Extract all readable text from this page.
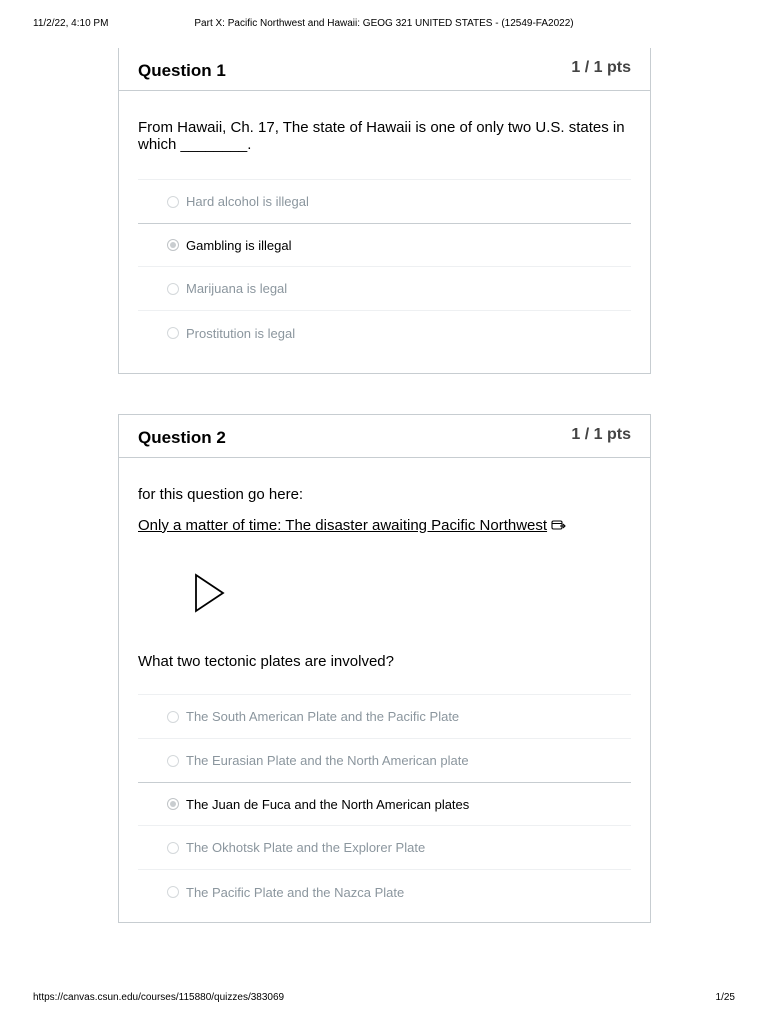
11/2/22, 4:10 PM	Part X: Pacific Northwest and Hawaii: GEOG 321 UNITED STATES - (12549-FA2022)
Question 1	1 / 1 pts
From Hawaii, Ch. 17, The state of Hawaii is one of only two U.S. states in which ________.
Hard alcohol is illegal
Gambling is illegal
Marijuana is legal
Prostitution is legal
Question 2	1 / 1 pts
for this question go here:
Only a matter of time: The disaster awaiting Pacific Northwest
What two tectonic plates are involved?
The South American Plate and the Pacific Plate
The Eurasian Plate and the North American plate
The Juan de Fuca and the North American plates
The Okhotsk Plate and the Explorer Plate
The Pacific Plate and the Nazca Plate
https://canvas.csun.edu/courses/115880/quizzes/383069	1/25
